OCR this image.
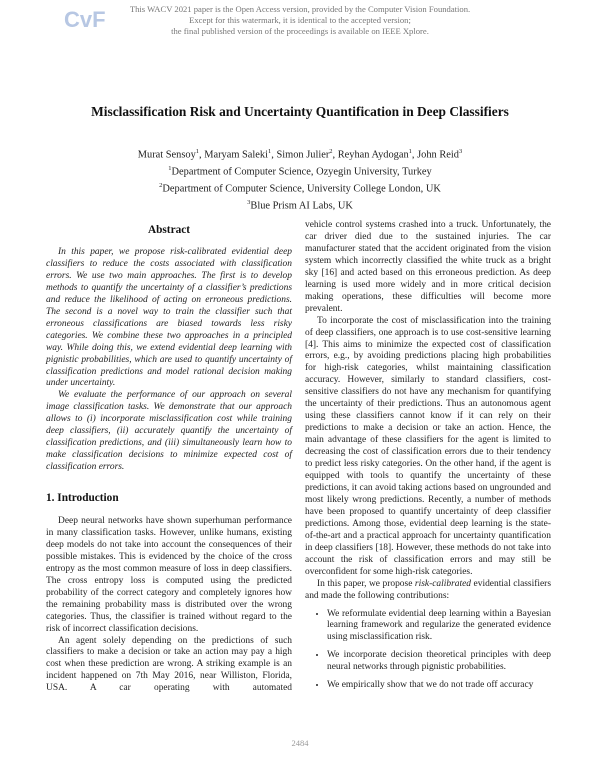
CvF	This WACV 2021 paper is the Open Access version, provided by the Computer Vision Foundation.
Except for this watermark, it is identical to the accepted version;
the final published version of the proceedings is available on IEEE Xplore.
Misclassification Risk and Uncertainty Quantification in Deep Classifiers
Murat Sensoy$^1$, Maryam Saleki$^1$, Simon Julier$^2$, Reyhan Aydogan$^1$, John Reid$^3$
$^1$Department of Computer Science, Ozyegin University, Turkey
$^2$Department of Computer Science, University College London, UK
$^3$Blue Prism AI Labs, UK
Abstract

In this paper, we propose risk-calibrated evidential deep classifiers to reduce the costs associated with classification errors. We use two main approaches. The first is to develop methods to quantify the uncertainty of a classifier’s predictions and reduce the likelihood of acting on erroneous predictions. The second is a novel way to train the classifier such that erroneous classifications are biased towards less risky categories. We combine these two approaches in a principled way. While doing this, we extend evidential deep learning with pignistic probabilities, which are used to quantify uncertainty of classification predictions and model rational decision making under uncertainty.

We evaluate the performance of our approach on several image classification tasks. We demonstrate that our approach allows to (i) incorporate misclassification cost while training deep classifiers, (ii) accurately quantify the uncertainty of classification predictions, and (iii) simultaneously learn how to make classification decisions to minimize expected cost of classification errors.

1. Introduction

Deep neural networks have shown superhuman performance in many classification tasks. However, unlike humans, existing deep models do not take into account the consequences of their possible mistakes. This is evidenced by the choice of the cross entropy as the most common measure of loss in deep classifiers. The cross entropy loss is computed using the predicted probability of the correct category and completely ignores how the remaining probability mass is distributed over the wrong categories. Thus, the classifier is trained without regard to the risk of incorrect classification decisions.

An agent solely depending on the predictions of such classifiers to make a decision or take an action may pay a high cost when these prediction are wrong. A striking example is an incident happened on 7th May 2016, near Williston, Florida, USA. A car operating with automated

vehicle control systems crashed into a truck. Unfortunately, the car driver died due to the sustained injuries. The car manufacturer stated that the accident originated from the vision system which incorrectly classified the white truck as a bright sky [16] and acted based on this erroneous prediction. As deep learning is used more widely and in more critical decision making operations, these difficulties will become more prevalent.

To incorporate the cost of misclassification into the training of deep classifiers, one approach is to use cost-sensitive learning [4]. This aims to minimize the expected cost of classification errors, e.g., by avoiding predictions placing high probabilities for high-risk categories, whilst maintaining classification accuracy. However, similarly to standard classifiers, cost-sensitive classifiers do not have any mechanism for quantifying the uncertainty of their predictions. Thus an autonomous agent using these classifiers cannot know if it can rely on their predictions to make a decision or take an action. Hence, the main advantage of these classifiers for the agent is limited to decreasing the cost of classification errors due to their tendency to predict less risky categories. On the other hand, if the agent is equipped with tools to quantify the uncertainty of these predictions, it can avoid taking actions based on ungrounded and most likely wrong predictions. Recently, a number of methods have been proposed to quantify uncertainty of deep classifier predictions. Among those, evidential deep learning is the state-of-the-art and a practical approach for uncertainty quantification in deep classifiers [18]. However, these methods do not take into account the risk of classification errors and may still be overconfident for some high-risk categories.

In this paper, we propose risk-calibrated evidential classifiers and made the following contributions:

• We reformulate evidential deep learning within a Bayesian learning framework and regularize the generated evidence using misclassification risk.
• We incorporate decision theoretical principles with deep neural networks through pignistic probabilities.
• We empirically show that we do not trade off accuracy
2484
